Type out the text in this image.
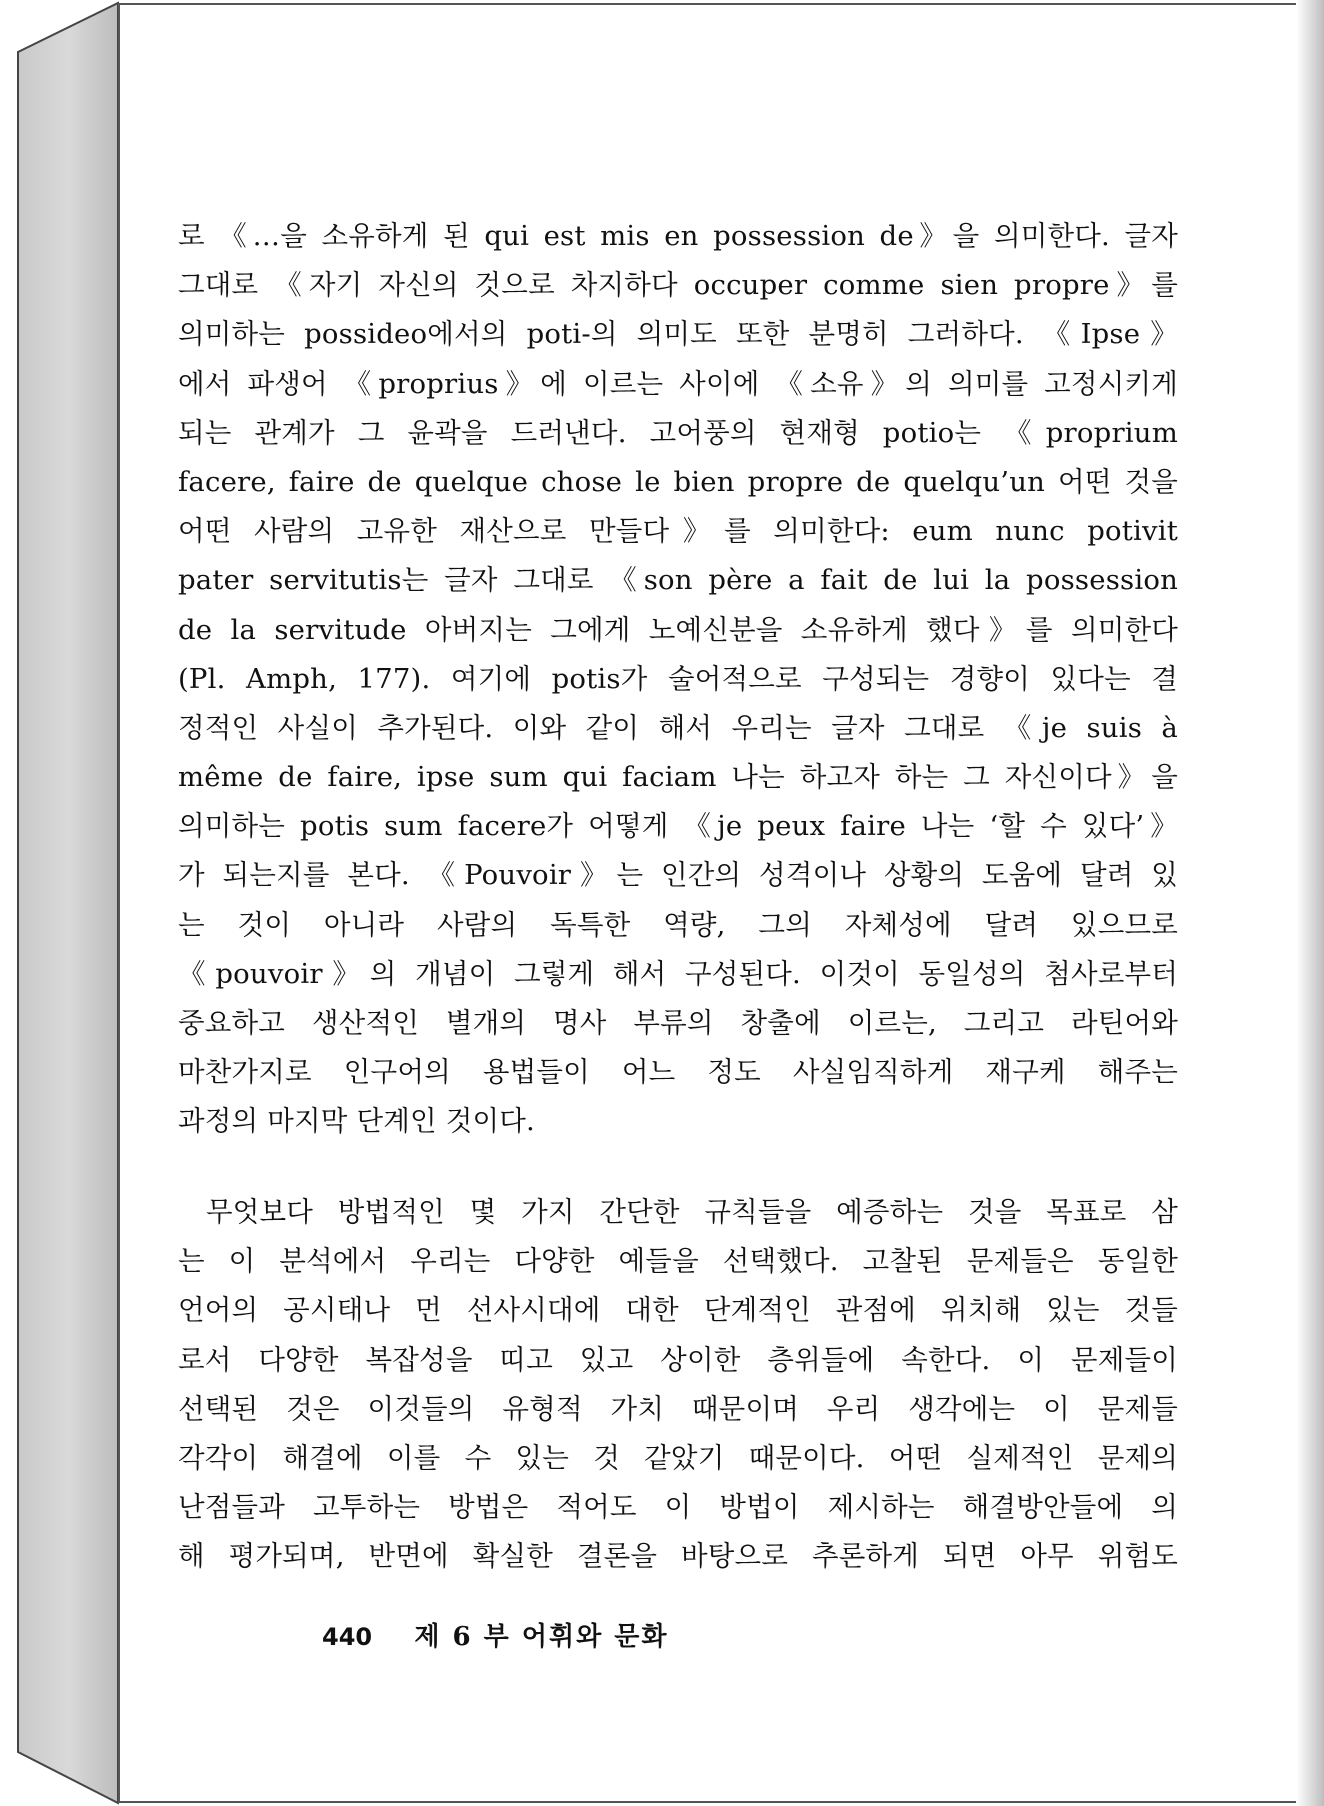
로 《…을 소유하게 된 qui est mis en possession de》을 의미한다. 글자
그대로 《자기 자신의 것으로 차지하다 occuper comme sien propre》를
의미하는 possideo에서의 poti-의 의미도 또한 분명히 그러하다. 《Ipse》
에서 파생어 《proprius》에 이르는 사이에 《소유》의 의미를 고정시키게
되는 관계가 그 윤곽을 드러낸다. 고어풍의 현재형 potio는 《proprium
facere, faire de quelque chose le bien propre de quelqu’un 어떤 것을
어떤 사람의 고유한 재산으로 만들다》를 의미한다: eum nunc potivit
pater servitutis는 글자 그대로 《son père a fait de lui la possession
de la servitude 아버지는 그에게 노예신분을 소유하게 했다》를 의미한다
(Pl. Amph, 177). 여기에 potis가 술어적으로 구성되는 경향이 있다는 결
정적인 사실이 추가된다. 이와 같이 해서 우리는 글자 그대로 《je suis à
même de faire, ipse sum qui faciam 나는 하고자 하는 그 자신이다》을
의미하는 potis sum facere가 어떻게 《je peux faire 나는 ‘할 수 있다’》
가 되는지를 본다. 《Pouvoir》는 인간의 성격이나 상황의 도움에 달려 있
는 것이 아니라 사람의 독특한 역량, 그의 자체성에 달려 있으므로
《pouvoir》의 개념이 그렇게 해서 구성된다. 이것이 동일성의 첨사로부터
중요하고 생산적인 별개의 명사 부류의 창출에 이르는, 그리고 라틴어와
마찬가지로 인구어의 용법들이 어느 정도 사실임직하게 재구케 해주는
과정의 마지막 단계인 것이다.
무엇보다 방법적인 몇 가지 간단한 규칙들을 예증하는 것을 목표로 삼
는 이 분석에서 우리는 다양한 예들을 선택했다. 고찰된 문제들은 동일한
언어의 공시태나 먼 선사시대에 대한 단계적인 관점에 위치해 있는 것들
로서 다양한 복잡성을 띠고 있고 상이한 층위들에 속한다. 이 문제들이
선택된 것은 이것들의 유형적 가치 때문이며 우리 생각에는 이 문제들
각각이 해결에 이를 수 있는 것 같았기 때문이다. 어떤 실제적인 문제의
난점들과 고투하는 방법은 적어도 이 방법이 제시하는 해결방안들에 의
해 평가되며, 반면에 확실한 결론을 바탕으로 추론하게 되면 아무 위험도
440 제 6 부 어휘와 문화
